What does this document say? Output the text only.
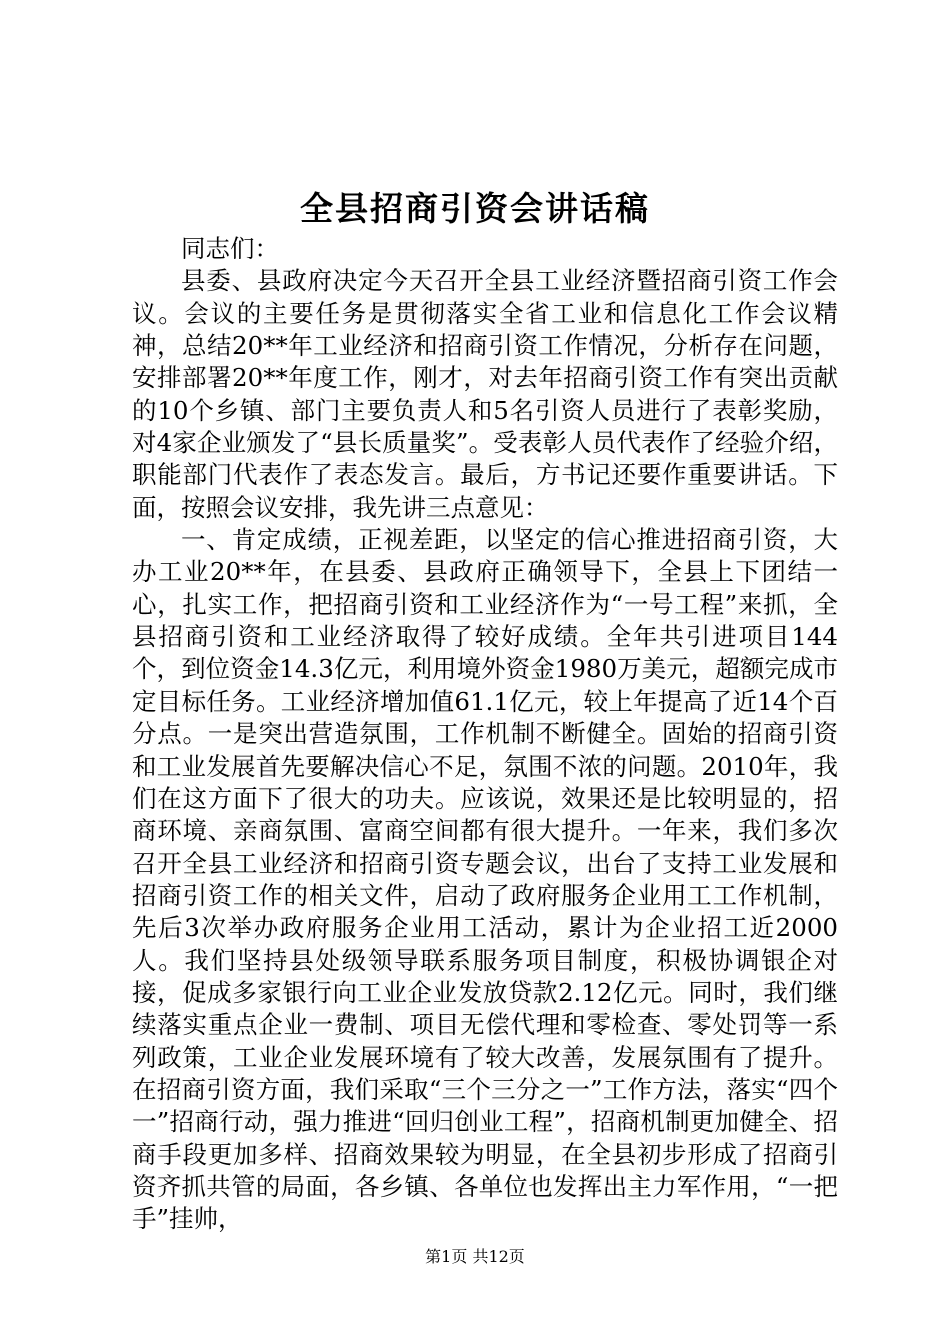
全县招商引资会讲话稿

同志们：

县委、县政府决定今天召开全县工业经济暨招商引资工作会议。会议的主要任务是贯彻落实全省工业和信息化工作会议精神，总结20**年工业经济和招商引资工作情况，分析存在问题，安排部署20**年度工作，刚才，对去年招商引资工作有突出贡献的10个乡镇、部门主要负责人和5名引资人员进行了表彰奖励，对4家企业颁发了“县长质量奖”。受表彰人员代表作了经验介绍，职能部门代表作了表态发言。最后，方书记还要作重要讲话。下面，按照会议安排，我先讲三点意见：

一、肯定成绩，正视差距，以坚定的信心推进招商引资，大办工业20**年，在县委、县政府正确领导下，全县上下团结一心，扎实工作，把招商引资和工业经济作为“一号工程”来抓，全县招商引资和工业经济取得了较好成绩。全年共引进项目144个，到位资金14.3亿元，利用境外资金1980万美元，超额完成市定目标任务。工业经济增加值61.1亿元，较上年提高了近14个百分点。一是突出营造氛围，工作机制不断健全。固始的招商引资和工业发展首先要解决信心不足，氛围不浓的问题。2010年，我们在这方面下了很大的功夫。应该说，效果还是比较明显的，招商环境、亲商氛围、富商空间都有很大提升。一年来，我们多次召开全县工业经济和招商引资专题会议，出台了支持工业发展和招商引资工作的相关文件，启动了政府服务企业用工工作机制，先后3次举办政府服务企业用工活动，累计为企业招工近2000人。我们坚持县处级领导联系服务项目制度，积极协调银企对接，促成多家银行向工业企业发放贷款2.12亿元。同时，我们继续落实重点企业一费制、项目无偿代理和零检查、零处罚等一系列政策，工业企业发展环境有了较大改善，发展氛围有了提升。在招商引资方面，我们采取“三个三分之一”工作方法，落实“四个一”招商行动，强力推进“回归创业工程”，招商机制更加健全、招商手段更加多样、招商效果较为明显，在全县初步形成了招商引资齐抓共管的局面，各乡镇、各单位也发挥出主力军作用，“一把手”挂帅，

第1页 共12页
